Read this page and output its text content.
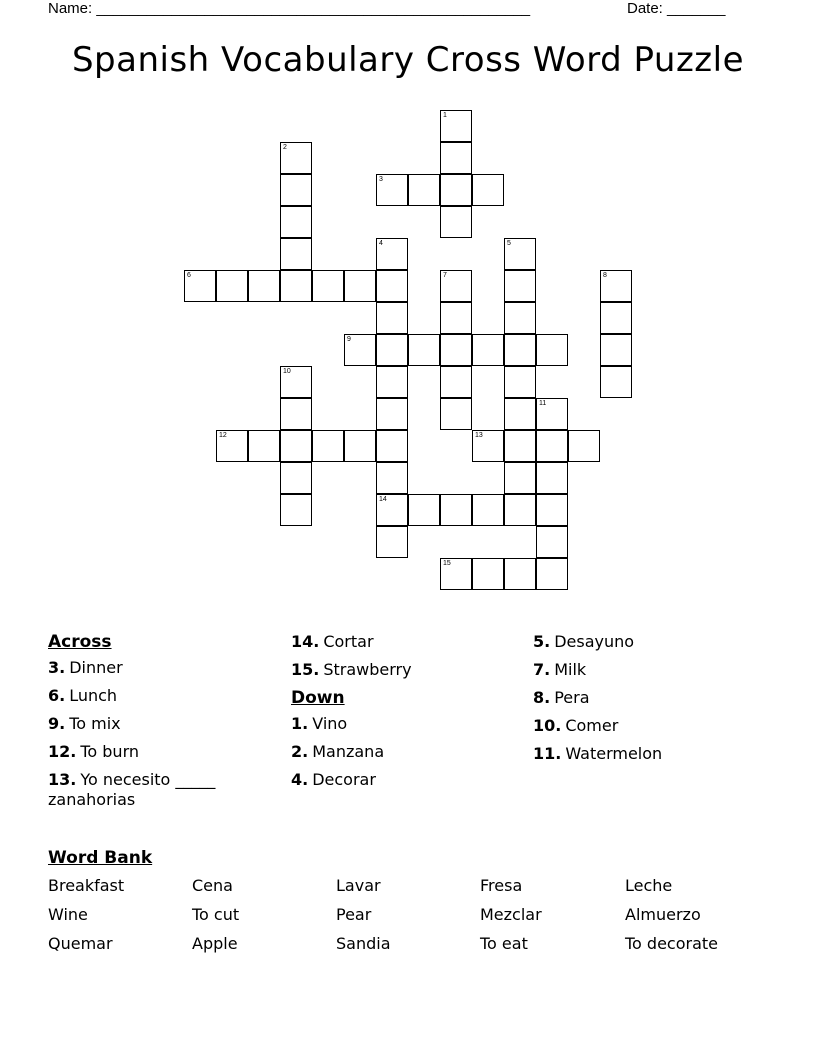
Name: ____________________________________________________	Date: _______
Spanish Vocabulary Cross Word Puzzle
1
2
3
4
14
5
6	7	8
9
10
11
12	13
15
Across
3. Dinner
6. Lunch
9. To mix
12. To burn
13. Yo necesito _____ zanahorias
14. Cortar
15. Strawberry
Down
1. Vino
2. Manzana
4. Decorar
5. Desayuno
7. Milk
8. Pera
10. Comer
11. Watermelon
Word Bank
Breakfast	Cena	Lavar	Fresa	Leche
Wine	To cut	Pear	Mezclar	Almuerzo
Quemar	Apple	Sandia	To eat	To decorate
